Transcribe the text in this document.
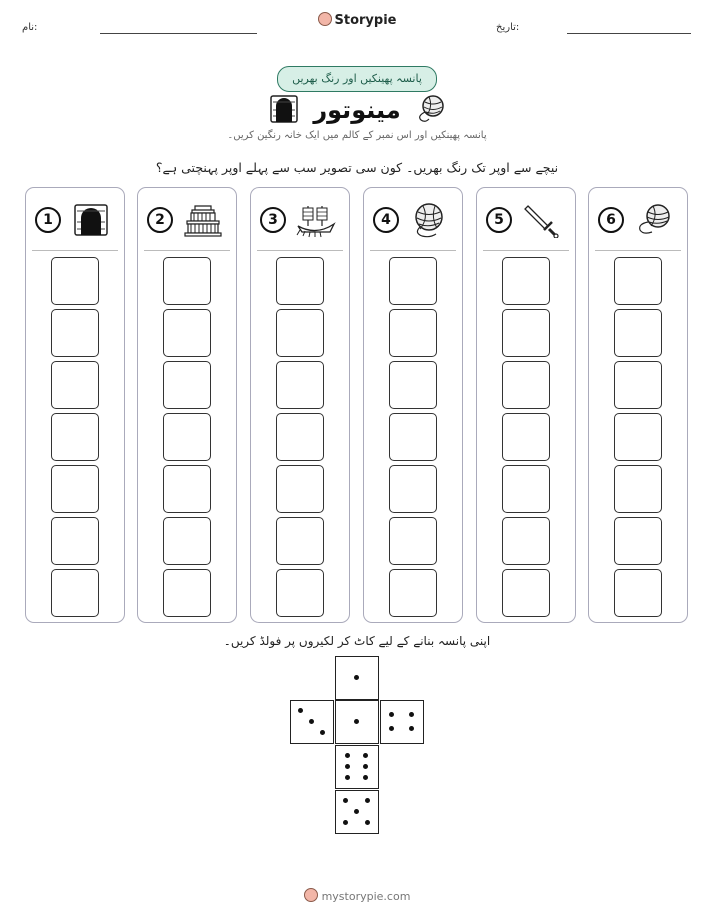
نام:	Storypie	تاریخ:
پانسہ پھینکیں اور رنگ بھریں
مینوتور
پانسہ پھینکیں اور اس نمبر کے کالم میں ایک خانہ رنگین کریں۔
نیچے سے اوپر تک رنگ بھریں۔ کون سی تصویر سب سے پہلے اوپر پہنچتی ہے؟
1	2	3	4	5	6
اپنی پانسہ بنانے کے لیے کاٹ کر لکیروں پر فولڈ کریں۔
mystorypie.com
